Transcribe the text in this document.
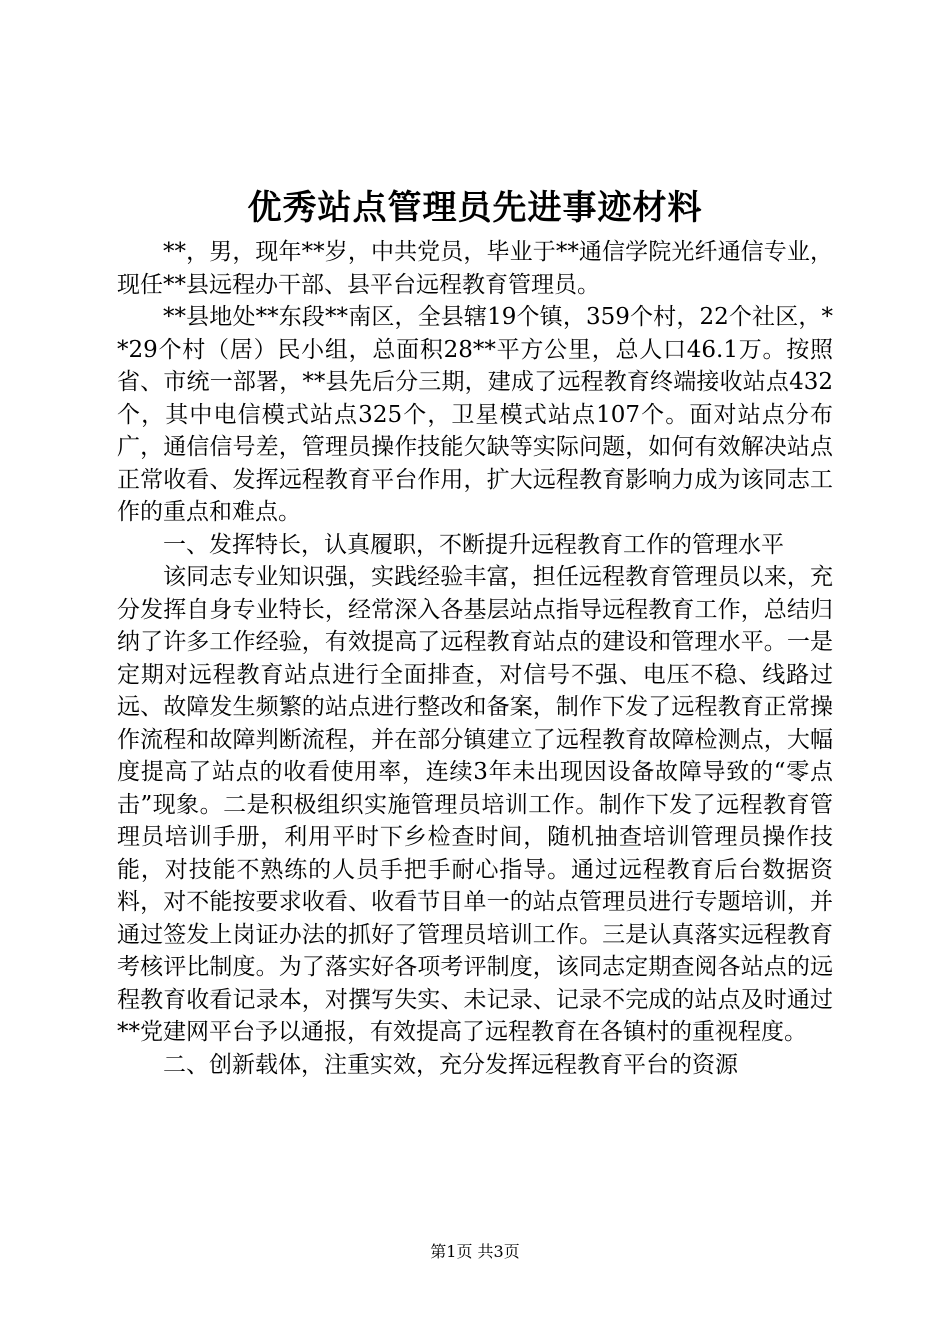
优秀站点管理员先进事迹材料

**，男，现年**岁，中共党员，毕业于**通信学院光纤通信专业，现任**县远程办干部、县平台远程教育管理员。

**县地处**东段**南区，全县辖19个镇，359个村，22个社区，**29个村（居）民小组，总面积28**平方公里，总人口46.1万。按照省、市统一部署，**县先后分三期，建成了远程教育终端接收站点432个，其中电信模式站点325个，卫星模式站点107个。面对站点分布广，通信信号差，管理员操作技能欠缺等实际问题，如何有效解决站点正常收看、发挥远程教育平台作用，扩大远程教育影响力成为该同志工作的重点和难点。

一、发挥特长，认真履职，不断提升远程教育工作的管理水平

该同志专业知识强，实践经验丰富，担任远程教育管理员以来，充分发挥自身专业特长，经常深入各基层站点指导远程教育工作，总结归纳了许多工作经验，有效提高了远程教育站点的建设和管理水平。一是定期对远程教育站点进行全面排查，对信号不强、电压不稳、线路过远、故障发生频繁的站点进行整改和备案，制作下发了远程教育正常操作流程和故障判断流程，并在部分镇建立了远程教育故障检测点，大幅度提高了站点的收看使用率，连续3年未出现因设备故障导致的“零点击”现象。二是积极组织实施管理员培训工作。制作下发了远程教育管理员培训手册，利用平时下乡检查时间，随机抽查培训管理员操作技能，对技能不熟练的人员手把手耐心指导。通过远程教育后台数据资料，对不能按要求收看、收看节目单一的站点管理员进行专题培训，并通过签发上岗证办法的抓好了管理员培训工作。三是认真落实远程教育考核评比制度。为了落实好各项考评制度，该同志定期查阅各站点的远程教育收看记录本，对撰写失实、未记录、记录不完成的站点及时通过**党建网平台予以通报，有效提高了远程教育在各镇村的重视程度。

二、创新载体，注重实效，充分发挥远程教育平台的资源

第1页 共3页
